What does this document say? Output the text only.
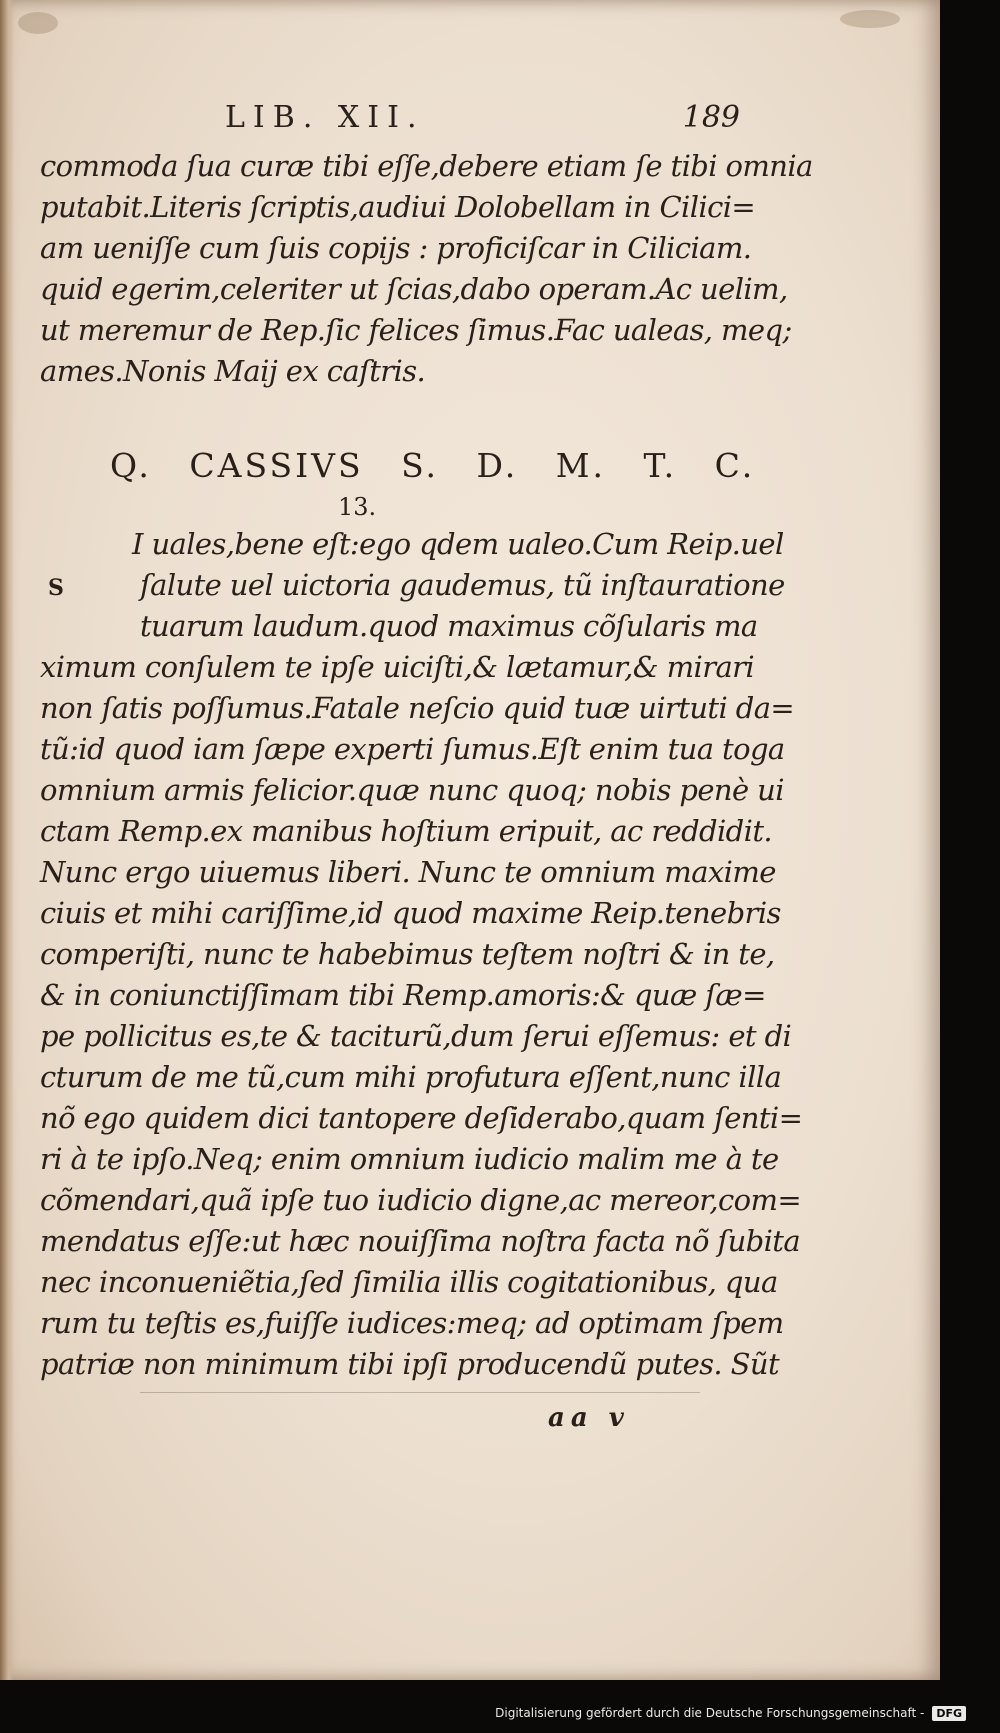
LIB. XII.	189
commoda ſua curæ tibi eſſe,debere etiam ſe tibi omnia
putabit.Literis ſcriptis,audiui Dolobellam in Cilici=
am ueniſſe cum ſuis copijs : proficiſcar in Ciliciam.
quid egerim,celeriter ut ſcias,dabo operam.Ac uelim,
ut meremur de Rep.ſic felices ſimus.Fac ualeas, meq;
ames.Nonis Maij ex caſtris.
Q. CASSIVS S. D. M. T. C.
13.
I uales,bene eſt:ego qdem ualeo.Cum Reip.uel
ſalute uel uictoria gaudemus, tũ inſtauratione
tuarum laudum.quod maximus cõſularis ma
ximum conſulem te ipſe uiciſti,& lætamur,& mirari
non ſatis poſſumus.Fatale neſcio quid tuæ uirtuti da=
tũ:id quod iam ſæpe experti ſumus.Eſt enim tua toga
omnium armis felicior.quæ nunc quoq; nobis penè ui
ctam Remp.ex manibus hoſtium eripuit, ac reddidit.
Nunc ergo uiuemus liberi. Nunc te omnium maxime
ciuis et mihi cariſſime,id quod maxime Reip.tenebris
comperiſti, nunc te habebimus teſtem noſtri & in te,
& in coniunctiſſimam tibi Remp.amoris:& quæ ſæ=
pe pollicitus es,te & taciturũ,dum ſerui eſſemus: et di
cturum de me tũ,cum mihi profutura eſſent,nunc illa
nõ ego quidem dici tantopere deſiderabo,quam ſenti=
ri à te ipſo.Neq; enim omnium iudicio malim me à te
cõmendari,quã ipſe tuo iudicio digne,ac mereor,com=
mendatus eſſe:ut hæc nouiſſima noſtra facta nõ ſubita
nec inconueniẽtia,ſed ſimilia illis cogitationibus, qua
rum tu teſtis es,fuiſſe iudices:meq; ad optimam ſpem
patriæ non minimum tibi ipſi producendũ putes. Sũt
S
aa v
Digitalisierung gefördert durch die Deutsche Forschungsgemeinschaft -	DFG
